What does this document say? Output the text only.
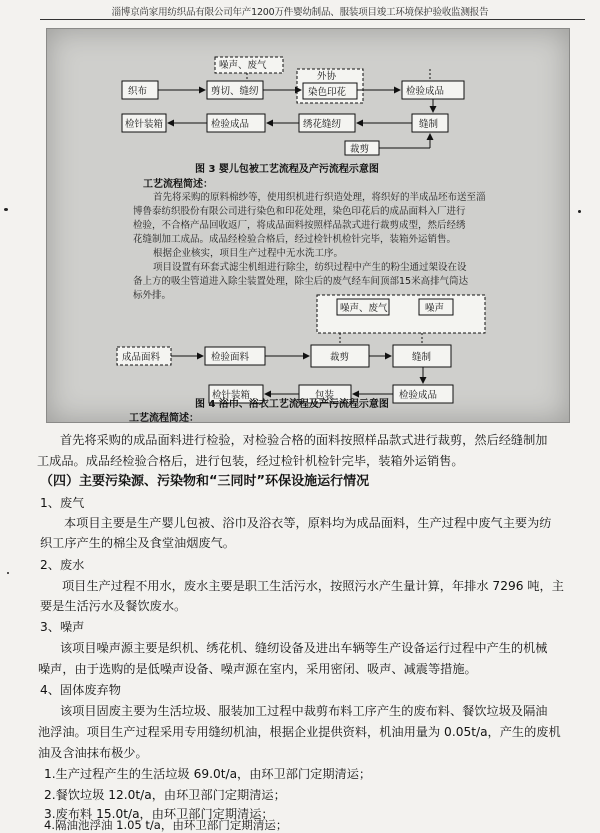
淄博京尚家用纺织品有限公司年产1200万件婴幼制品、服装项目竣工环境保护验收监测报告
噪声、废气
织布	剪切、缝纫
外协
染色印花	检验成品
检针装箱	检验成品	绣花缝纫
裁剪
缝制
图 3 婴儿包被工艺流程及产污流程示意图
工艺流程简述：
首先将采购的原料棉纱等，使用织机进行织造处理，将织好的半成品坯布送至淄
博鲁泰纺织股份有限公司进行染色和印花处理，染色印花后的成品面料入厂进行
检验，不合格产品回收返厂，将成品面料按照样品款式进行裁剪成型，然后经绣
花缝制加工成品。成品经检验合格后，经过检针机检针完毕，装箱外运销售。
根据企业核实，项目生产过程中无水洗工序。
项目设置有环套式滤尘机组进行除尘，纺织过程中产生的粉尘通过架设在设
备上方的吸尘管道进入除尘装置处理，除尘后的废气经车间顶部15米高排气筒达
标外排。
噪声、废气	噪声
成品面料	检验面料	裁剪	缝制
检针装箱	包装	检验成品
图 4 浴巾、浴衣工艺流程及产污流程示意图
工艺流程简述：
首先将采购的成品面料进行检验，对检验合格的面料按照样品款式进行裁剪，然后经缝制加
工成品。成品经检验合格后，进行包装，经过检针机检针完毕，装箱外运销售。
（四）主要污染源、污染物和“三同时”环保设施运行情况
1、废气
本项目主要是生产婴儿包被、浴巾及浴衣等，原料均为成品面料，生产过程中废气主要为纺
织工序产生的棉尘及食堂油烟废气。
2、废水
项目生产过程不用水，废水主要是职工生活污水，按照污水产生量计算，年排水 7296 吨，主
要是生活污水及餐饮废水。
3、噪声
该项目噪声源主要是织机、绣花机、缝纫设备及进出车辆等生产设备运行过程中产生的机械
噪声，由于选购的是低噪声设备、噪声源在室内，采用密闭、吸声、减震等措施。
4、固体废弃物
该项目固废主要为生活垃圾、服装加工过程中裁剪布料工序产生的废布料、餐饮垃圾及隔油
池浮油。项目生产过程采用专用缝纫机油，根据企业提供资料，机油用量为 0.05t/a，产生的废机
油及含油抹布极少。
1.生产过程产生的生活垃圾 69.0t/a，由环卫部门定期清运；
2.餐饮垃圾 12.0t/a，由环卫部门定期清运；
3.废布料 15.0t/a，由环卫部门定期清运；
4.隔油池浮油 1.05 t/a，由环卫部门定期清运；
